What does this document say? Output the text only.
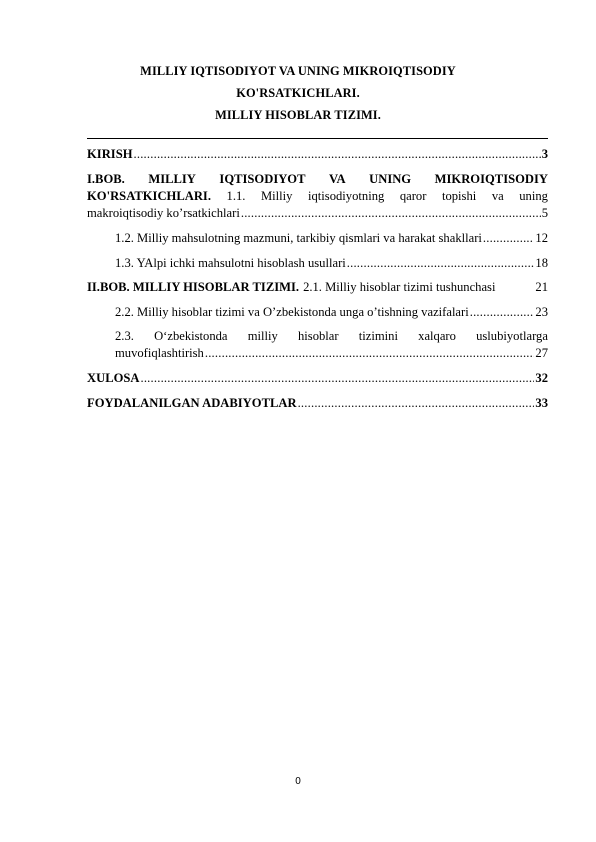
MILLIY IQTISODIYOT VA UNING MIKROIQTISODIY
KO'RSATKICHLARI.
MILLIY HISOBLAR TIZIMI.
KIRISH .....	3
I.BOB. MILLIY IQTISODIYOT VA UNING MIKROIQTISODIY
KO'RSATKICHLARI. 1.1. Milliy iqtisodiyotning qaror topishi va uning
makroiqtisodiy ko’rsatkichlari .....	5
1.2. Milliy mahsulotning mazmuni, tarkibiy qismlari va harakat shakllari .....	12
1.3. YAlpi ichki mahsulotni hisoblash usullari .....	18
II.BOB. MILLIY HISOBLAR TIZIMI. 2.1. Milliy hisoblar tizimi tushunchasi	21
2.2. Milliy hisoblar tizimi va O’zbekistonda unga o’tishning vazifalari .....	23
2.3. O‘zbekistonda milliy hisoblar tizimini xalqaro uslubiyotlarga
muvofiqlashtirish .....	27
XULOSA .....	32
FOYDALANILGAN ADABIYOTLAR .....	33
0
